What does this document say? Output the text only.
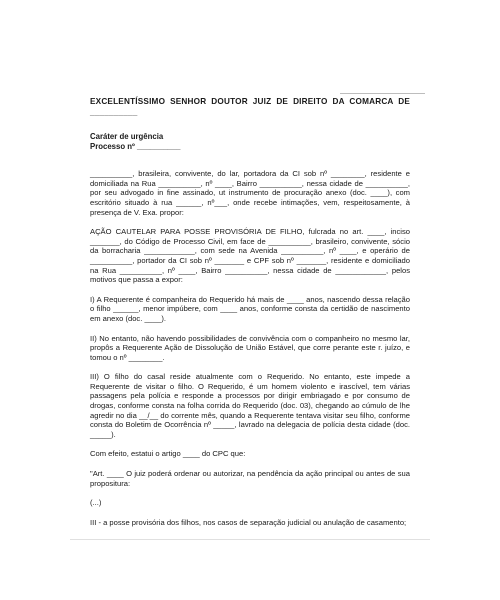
EXCELENTÍSSIMO SENHOR DOUTOR JUIZ DE DIREITO DA COMARCA DE __________

Caráter de urgência

Processo nº __________

__________, brasileira, convivente, do lar, portadora da CI sob nº ________, residente e domiciliada na Rua __________, nº ____, Bairro __________, nessa cidade de __________, por seu advogado in fine assinado, ut instrumento de procuração anexo (doc. ____), com escritório situado à rua ______, nº___, onde recebe intimações, vem, respeitosamente, à presença de V. Exa. propor:

AÇÃO CAUTELAR PARA POSSE PROVISÓRIA DE FILHO, fulcrada no art. ____, inciso _______, do Código de Processo Civil, em face de __________, brasileiro, convivente, sócio da borracharia ____________, com sede na Avenida __________, nº ____, e operário de __________, portador da CI sob nº _______ e CPF sob nº _______, residente e domiciliado na Rua __________, nº ____, Bairro __________, nessa cidade de ____________, pelos motivos que passa a expor:

I) A Requerente é companheira do Requerido há mais de ____ anos, nascendo dessa relação o filho ______, menor impúbere, com ____ anos, conforme consta da certidão de nascimento em anexo (doc. ____).

II) No entanto, não havendo possibilidades de convivência com o companheiro no mesmo lar, propôs a Requerente Ação de Dissolução de União Estável, que corre perante este r. juízo, e tomou o nº ________.

III) O filho do casal reside atualmente com o Requerido. No entanto, este impede a Requerente de visitar o filho. O Requerido, é um homem violento e irascível, tem várias passagens pela polícia e responde a processos por dirigir embriagado e por consumo de drogas, conforme consta na folha corrida do Requerido (doc. 03), chegando ao cúmulo de lhe agredir no dia __/__ do corrente mês, quando a Requerente tentava visitar seu filho, conforme consta do Boletim de Ocorrência nº _____, lavrado na delegacia de polícia desta cidade (doc. _____).

Com efeito, estatui o artigo ____ do CPC que:

"Art. ____ O juiz poderá ordenar ou autorizar, na pendência da ação principal ou antes de sua propositura:

(...)

III - a posse provisória dos filhos, nos casos de separação judicial ou anulação de casamento;
